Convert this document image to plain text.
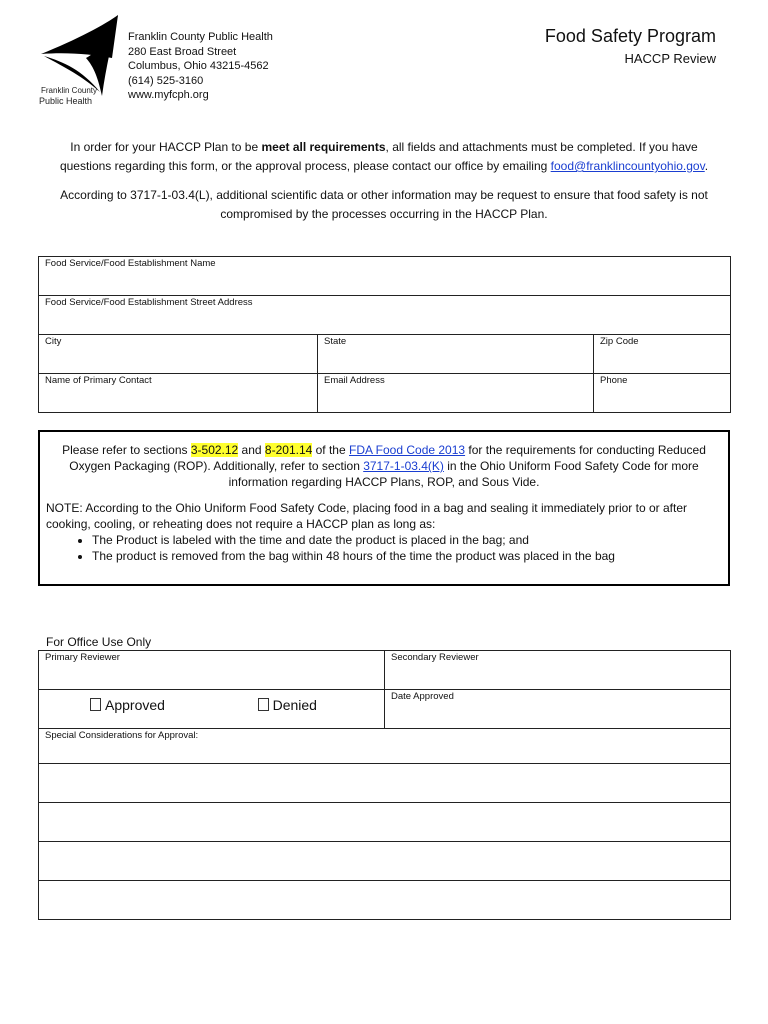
Franklin County
Public Health
Franklin County Public Health
280 East Broad Street
Columbus, Ohio 43215-4562
(614) 525-3160
www.myfcph.org
Food Safety Program
HACCP Review

In order for your HACCP Plan to be meet all requirements, all fields and attachments must be completed. If you have questions regarding this form, or the approval process, please contact our office by emailing food@franklincountyohio.gov.

According to 3717-1-03.4(L), additional scientific data or other information may be request to ensure that food safety is not compromised by the processes occurring in the HACCP Plan.

Food Service/Food Establishment Name		
Food Service/Food Establishment Street Address		
City	State	Zip Code
Name of Primary Contact	Email Address	Phone

Please refer to sections 3-502.12 and 8-201.14 of the FDA Food Code 2013 for the requirements for conducting Reduced Oxygen Packaging (ROP). Additionally, refer to section 3717-1-03.4(K) in the Ohio Uniform Food Safety Code for more information regarding HACCP Plans, ROP, and Sous Vide.

NOTE: According to the Ohio Uniform Food Safety Code, placing food in a bag and sealing it immediately prior to or after cooking, cooling, or reheating does not require a HACCP plan as long as:

• The Product is labeled with the time and date the product is placed in the bag; and
• The product is removed from the bag within 48 hours of the time the product was placed in the bag
For Office Use Only
Primary Reviewer	Secondary Reviewer
Approved Denied	Date Approved
Special Considerations for Approval:	
